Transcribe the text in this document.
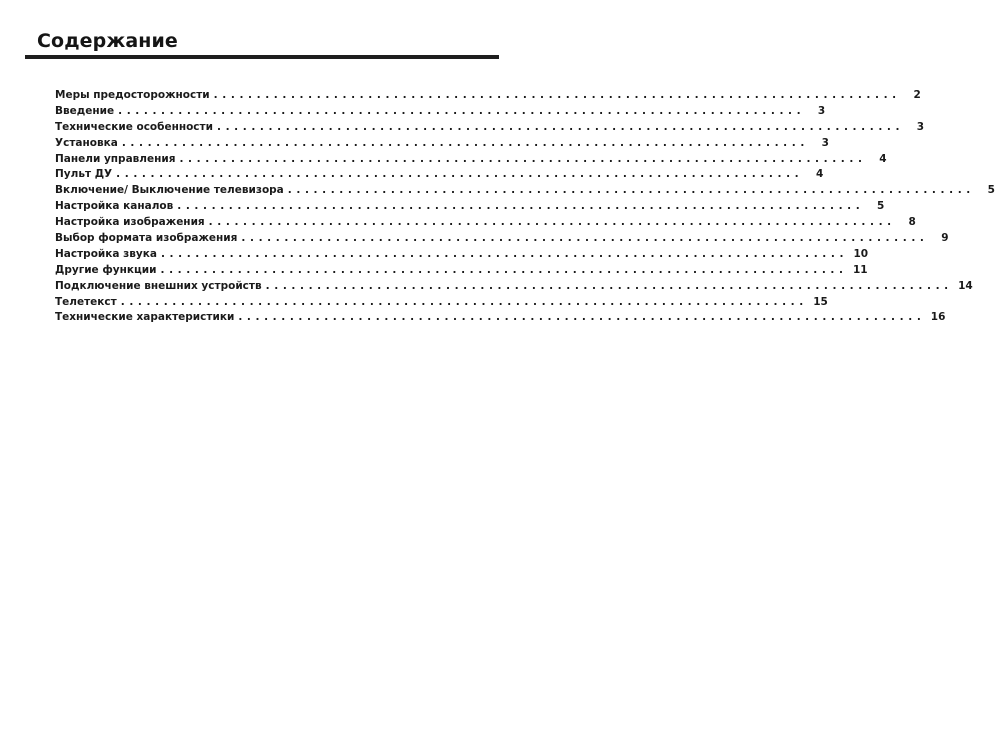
Содержание
Меры предосторожности ................................................................................	2
Введение ................................................................................	3
Технические особенности ................................................................................	3
Установка ................................................................................	3
Панели управления ................................................................................	4
Пульт ДУ ................................................................................	4
Включение/ Выключение телевизора ................................................................................	5
Настройка каналов ................................................................................	5
Настройка изображения ................................................................................	8
Выбор формата изображения ................................................................................	9
Настройка звука ................................................................................ 10
Другие функции ................................................................................ 11
Подключение внешних устройств ................................................................................ 14
Телетекст ................................................................................ 15
Технические характеристики ................................................................................ 16
